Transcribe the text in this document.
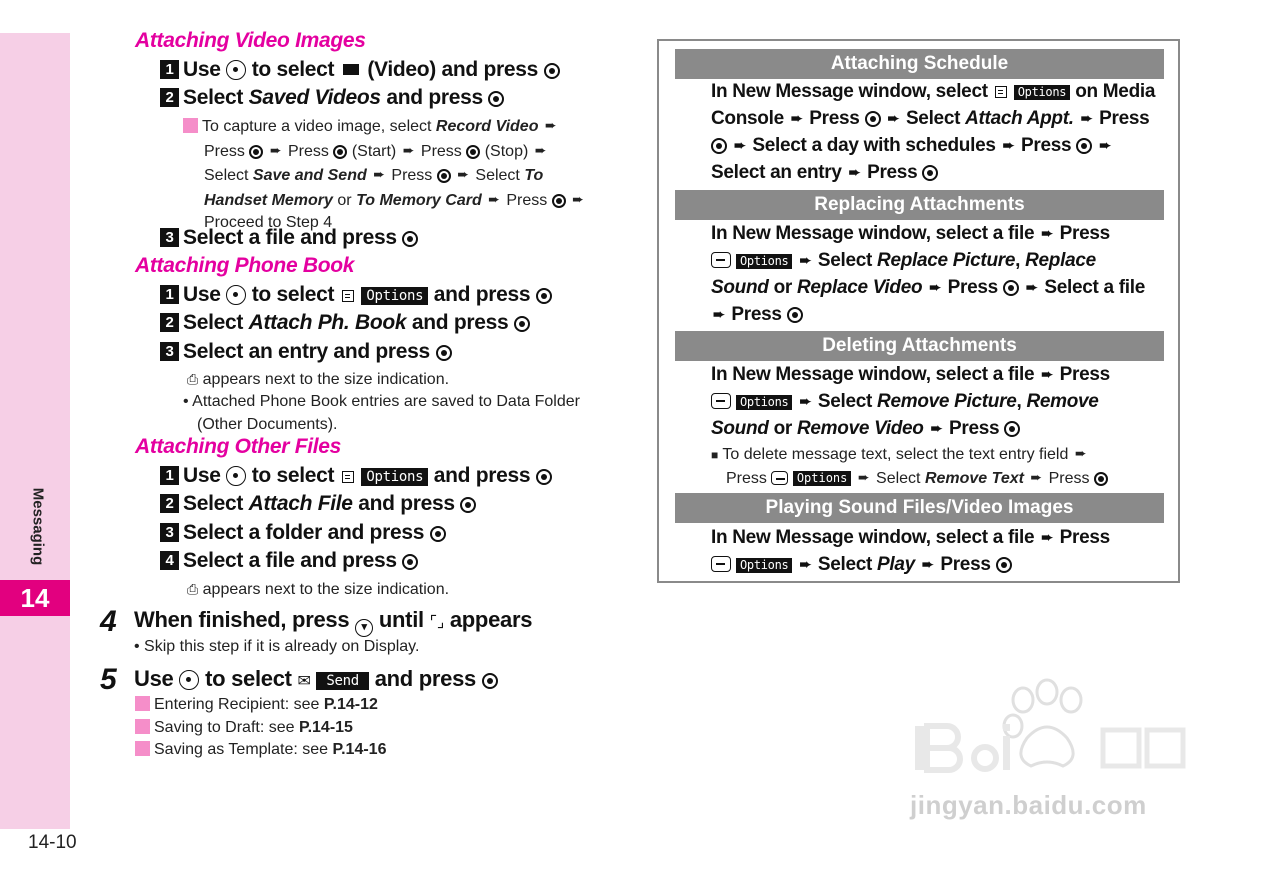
Messaging
14
14-10
Attaching Video Images
1 Use to select (Video) and press
2 Select Saved Videos and press
To capture a video image, select Record Video ➨
Press ➨ Press (Start) ➨ Press (Stop) ➨
Select Save and Send ➨ Press ➨ Select To
Handset Memory or To Memory Card ➨ Press ➨
Proceed to Step 4
3 Select a file and press
Attaching Phone Book
1 Use to select Options and press
2 Select Attach Ph. Book and press
3 Select an entry and press
⎙ appears next to the size indication.
• Attached Phone Book entries are saved to Data Folder
(Other Documents).
Attaching Other Files
1 Use to select Options and press
2 Select Attach File and press
3 Select a folder and press
4 Select a file and press
⎙ appears next to the size indication.
4 When finished, press ▾ until ⌜⌟ appears
• Skip this step if it is already on Display.
5 Use to select ✉ Send and press
Entering Recipient: see P.14-12
Saving to Draft: see P.14-15
Saving as Template: see P.14-16
Attaching Schedule
In New Message window, select Options on Media
Console ➨ Press ➨ Select Attach Appt. ➨ Press
➨ Select a day with schedules ➨ Press ➨
Select an entry ➨ Press
Replacing Attachments
In New Message window, select a file ➨ Press
Options ➨ Select Replace Picture, Replace
Sound or Replace Video ➨ Press ➨ Select a file
➨ Press
Deleting Attachments
In New Message window, select a file ➨ Press
Options ➨ Select Remove Picture, Remove
Sound or Remove Video ➨ Press
■ To delete message text, select the text entry field ➨
Press Options ➨ Select Remove Text ➨ Press
Playing Sound Files/Video Images
In New Message window, select a file ➨ Press
Options ➨ Select Play ➨ Press
jingyan.baidu.com
